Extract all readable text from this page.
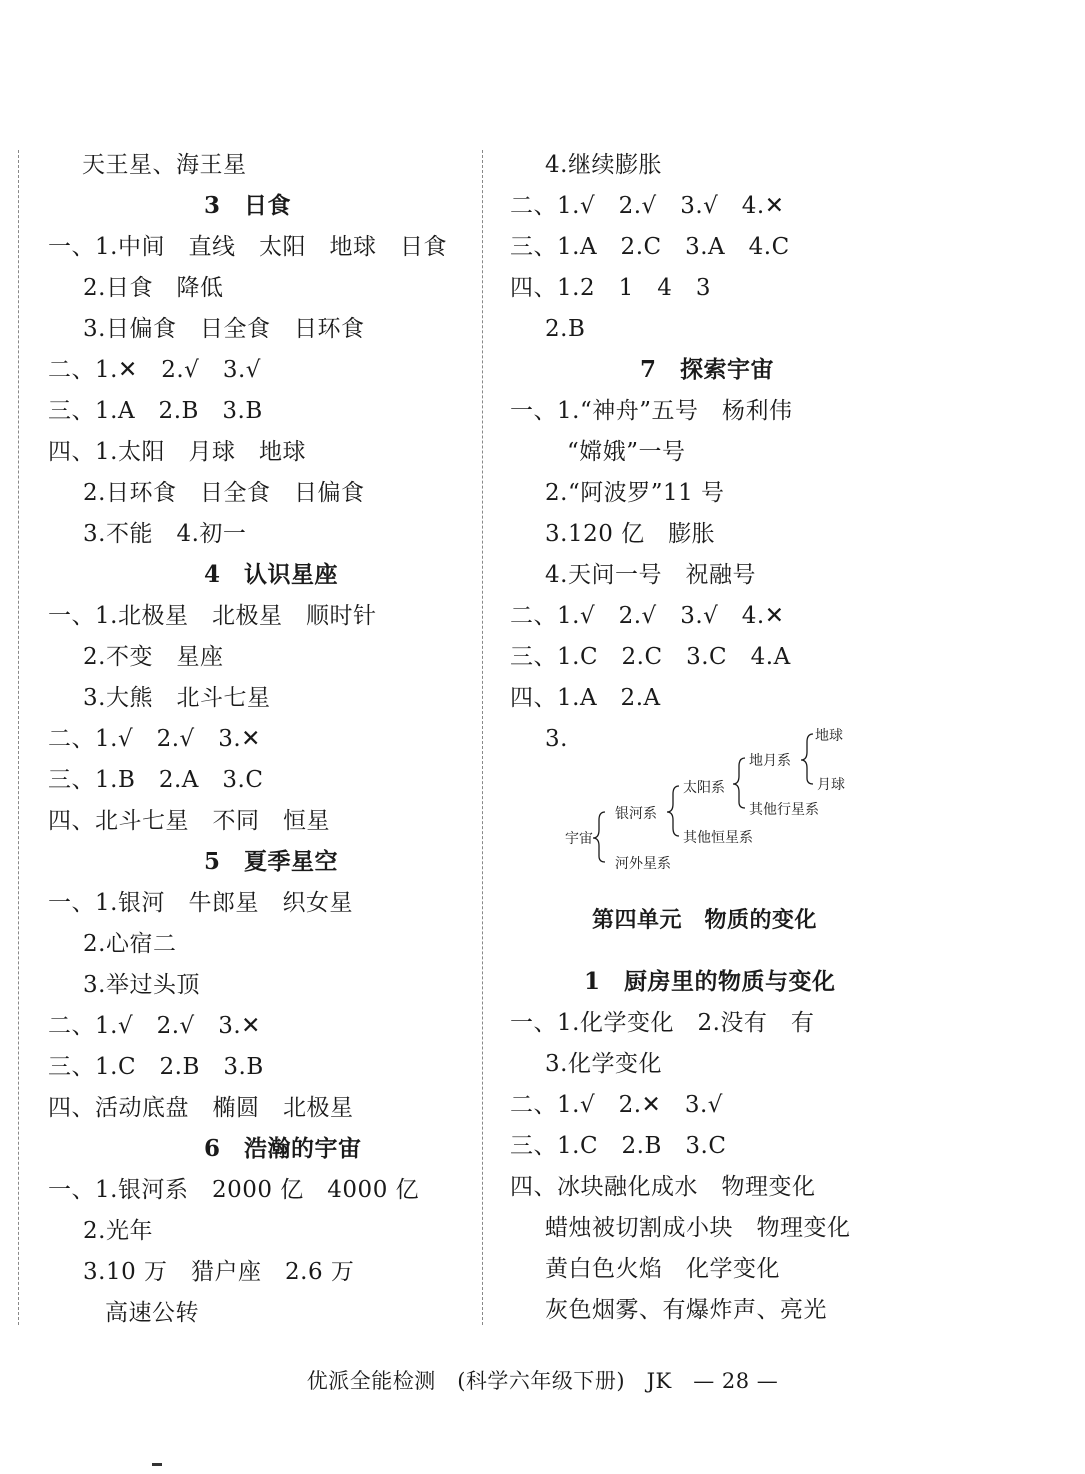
天王星、海王星
3　日食
一、1.中间　直线　太阳　地球　日食
2.日食　降低
3.日偏食　日全食　日环食
二、1.✕　2.√　3.√
三、1.A　2.B　3.B
四、1.太阳　月球　地球
2.日环食　日全食　日偏食
3.不能　4.初一
4　认识星座
一、1.北极星　北极星　顺时针
2.不变　星座
3.大熊　北斗七星
二、1.√　2.√　3.✕
三、1.B　2.A　3.C
四、北斗七星　不同　恒星
5　夏季星空
一、1.银河　牛郎星　织女星
2.心宿二
3.举过头顶
二、1.√　2.√　3.✕
三、1.C　2.B　3.B
四、活动底盘　椭圆　北极星
6　浩瀚的宇宙
一、1.银河系　2000 亿　4000 亿
2.光年
3.10 万　猎户座　2.6 万
高速公转
4.继续膨胀
二、1.√　2.√　3.√　4.✕
三、1.A　2.C　3.A　4.C
四、1.2　1　4　3
2.B
7　探索宇宙
一、1.“神舟”五号　杨利伟
“嫦娥”一号
2.“阿波罗”11 号
3.120 亿　膨胀
4.天问一号　祝融号
二、1.√　2.√　3.√　4.✕
三、1.C　2.C　3.C　4.A
四、1.A　2.A
3.
第四单元　物质的变化
1　厨房里的物质与变化
一、1.化学变化　2.没有　有
3.化学变化
二、1.√　2.✕　3.√
三、1.C　2.B　3.C
四、冰块融化成水　物理变化
蜡烛被切割成小块　物理变化
黄白色火焰　化学变化
灰色烟雾、有爆炸声、亮光
宇宙
银河系
河外星系
太阳系
其他恒星系
地月系
其他行星系
地球
月球
优派全能检测　(科学六年级下册)　JK　— 28 —
